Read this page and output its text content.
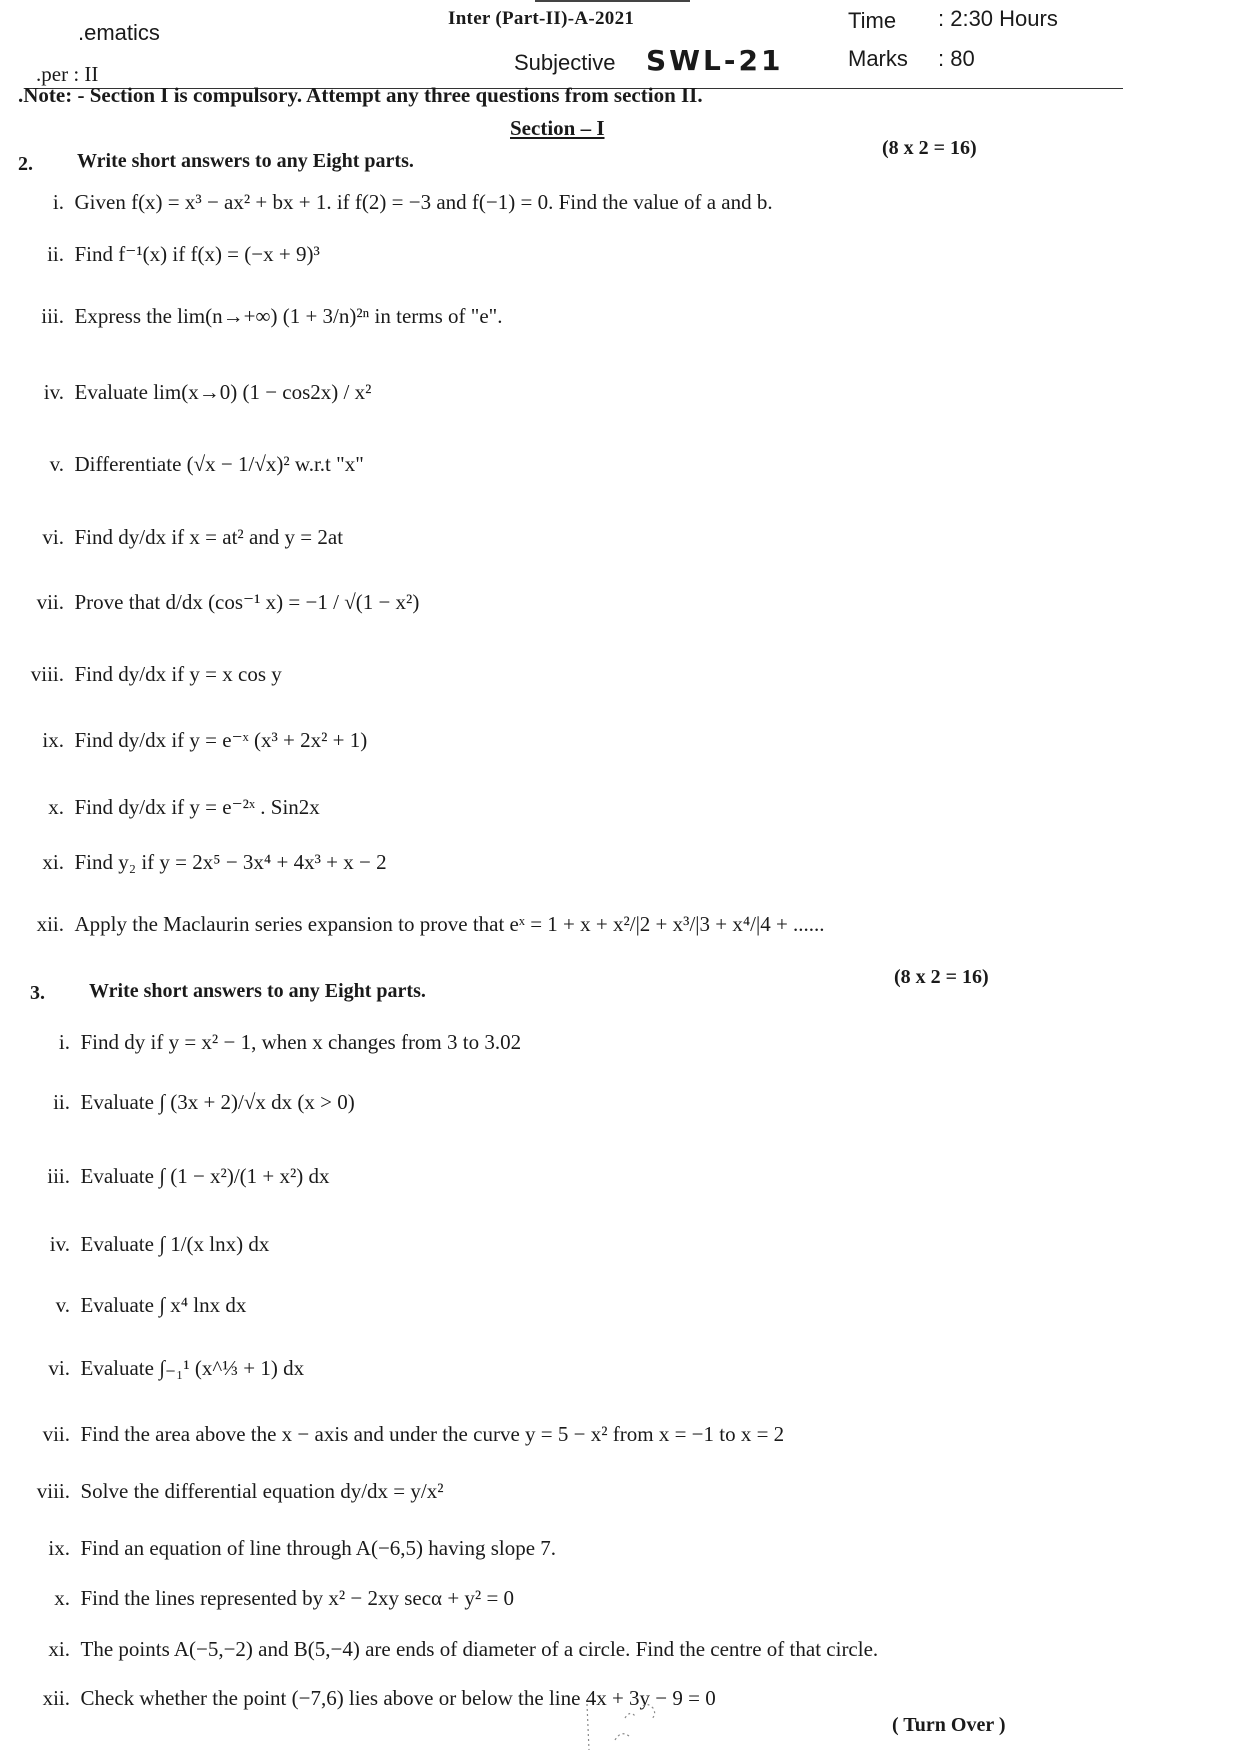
.ematics
.per : II
Inter (Part-II)-A-2021
Subjective SWL-21
Time : 2:30 Hours
Marks : 80
.Note: - Section I is compulsory. Attempt any three questions from section II.
Section – I
2. Write short answers to any Eight parts.
(8 x 2 = 16)
i. Given f(x) = x³ − ax² + bx + 1. if f(2) = −3 and f(−1) = 0. Find the value of a and b.
ii. Find f⁻¹(x) if f(x) = (−x + 9)³
iii. Express the lim(n→+∞) (1 + 3/n)²ⁿ in terms of "e".
iv. Evaluate lim(x→0) (1 − cos2x) / x²
v. Differentiate (√x − 1/√x)² w.r.t "x"
vi. Find dy/dx if x = at² and y = 2at
vii. Prove that d/dx (cos⁻¹ x) = −1 / √(1 − x²)
viii. Find dy/dx if y = x cos y
ix. Find dy/dx if y = e⁻ˣ (x³ + 2x² + 1)
x. Find dy/dx if y = e⁻²ˣ . Sin2x
xi. Find y₂ if y = 2x⁵ − 3x⁴ + 4x³ + x − 2
xii. Apply the Maclaurin series expansion to prove that eˣ = 1 + x + x²/|2 + x³/|3 + x⁴/|4 + ......
3. Write short answers to any Eight parts.
(8 x 2 = 16)
i. Find dy if y = x² − 1, when x changes from 3 to 3.02
ii. Evaluate ∫ (3x + 2)/√x dx (x > 0)
iii. Evaluate ∫ (1 − x²)/(1 + x²) dx
iv. Evaluate ∫ 1/(x lnx) dx
v. Evaluate ∫ x⁴ lnx dx
vi. Evaluate ∫₋₁¹ (x^⅓ + 1) dx
vii. Find the area above the x − axis and under the curve y = 5 − x² from x = −1 to x = 2
viii. Solve the differential equation dy/dx = y/x²
ix. Find an equation of line through A(−6,5) having slope 7.
x. Find the lines represented by x² − 2xy secα + y² = 0
xi. The points A(−5,−2) and B(5,−4) are ends of diameter of a circle. Find the centre of that circle.
xii. Check whether the point (−7,6) lies above or below the line 4x + 3y − 9 = 0
( Turn Over )
